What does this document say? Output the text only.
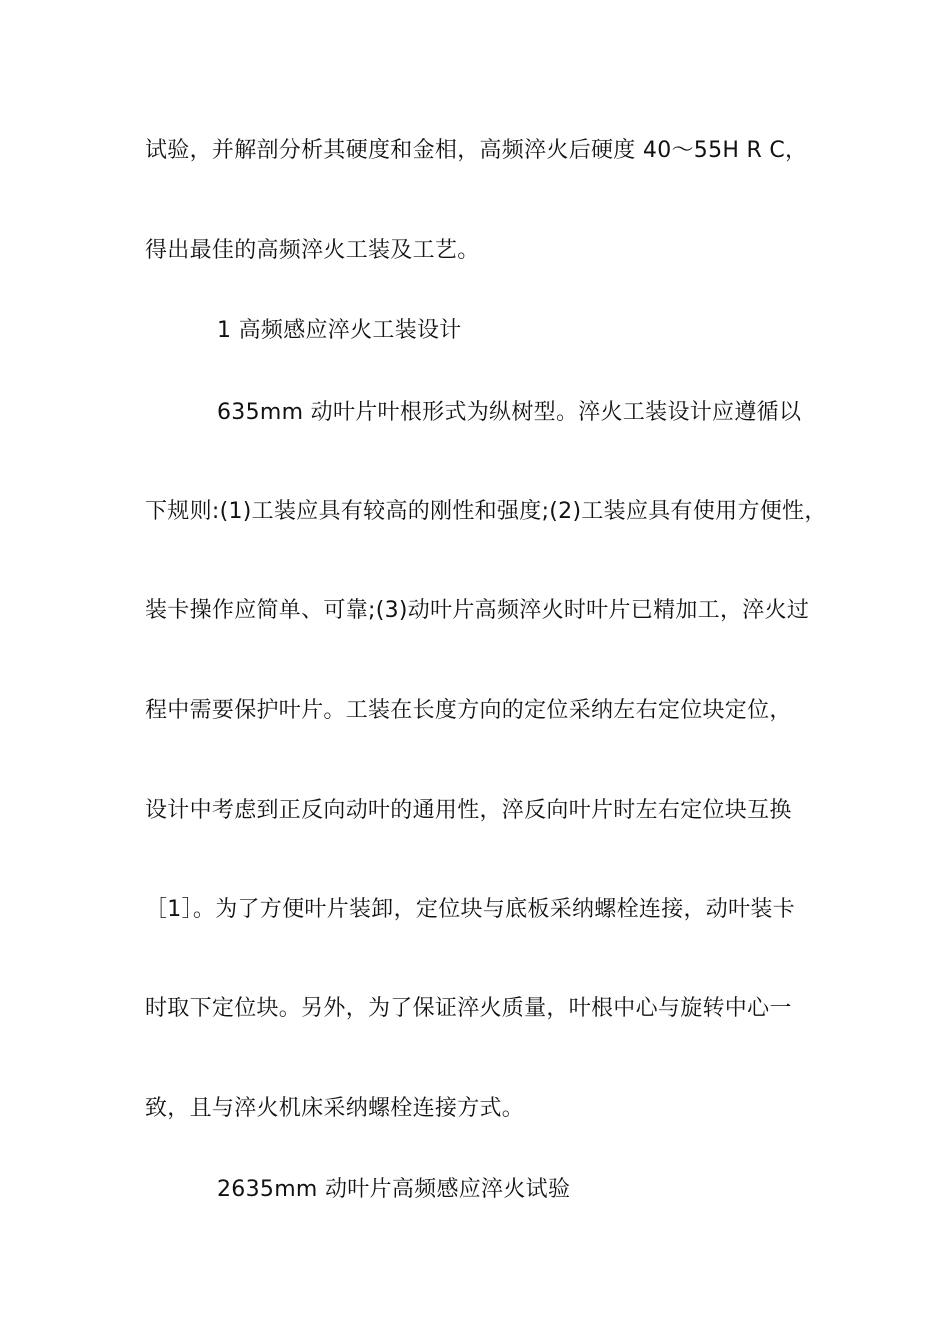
试验，并解剖分析其硬度和金相，高频淬火后硬度 40～55H R C，
得出最佳的高频淬火工装及工艺。
1 高频感应淬火工装设计
635mm 动叶片叶根形式为纵树型。淬火工装设计应遵循以
下规则:(1)工装应具有较高的刚性和强度;(2)工装应具有使用方便性，
装卡操作应简单、可靠;(3)动叶片高频淬火时叶片已精加工，淬火过
程中需要保护叶片。工装在长度方向的定位采纳左右定位块定位，
设计中考虑到正反向动叶的通用性，淬反向叶片时左右定位块互换
［1］。为了方便叶片装卸，定位块与底板采纳螺栓连接，动叶装卡
时取下定位块。另外，为了保证淬火质量，叶根中心与旋转中心一
致，且与淬火机床采纳螺栓连接方式。
2635mm 动叶片高频感应淬火试验
